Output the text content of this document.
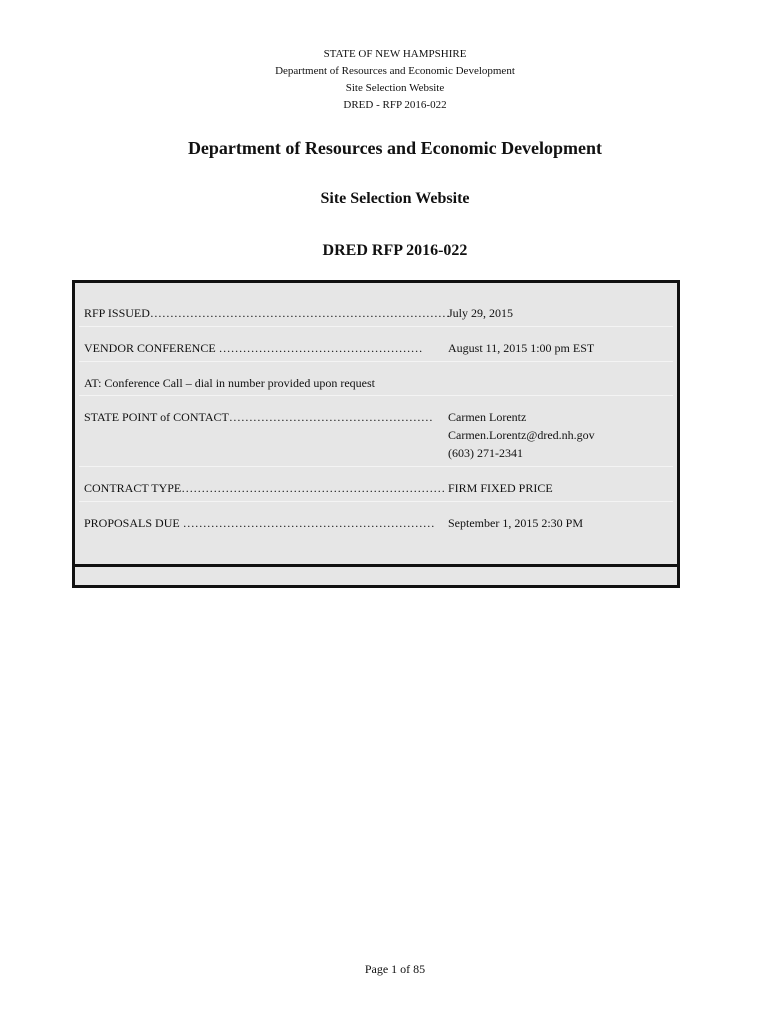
STATE OF NEW HAMPSHIRE
Department of Resources and Economic Development
Site Selection Website
DRED - RFP 2016-022
Department of Resources and Economic Development
Site Selection Website
DRED RFP 2016-022
RFP ISSUED…………………………………………………………………
July 29, 2015
VENDOR CONFERENCE …………………………………………… August 11, 2015 1:00 pm EST
AT: Conference Call – dial in number provided upon request
STATE POINT of CONTACT…………………………………………… Carmen Lorentz
Carmen.Lorentz@dred.nh.gov
(603) 271-2341
CONTRACT TYPE………………………………………………………… FIRM FIXED PRICE
PROPOSALS DUE ……………………………………………………… September 1, 2015 2:30 PM
Page 1 of 85
